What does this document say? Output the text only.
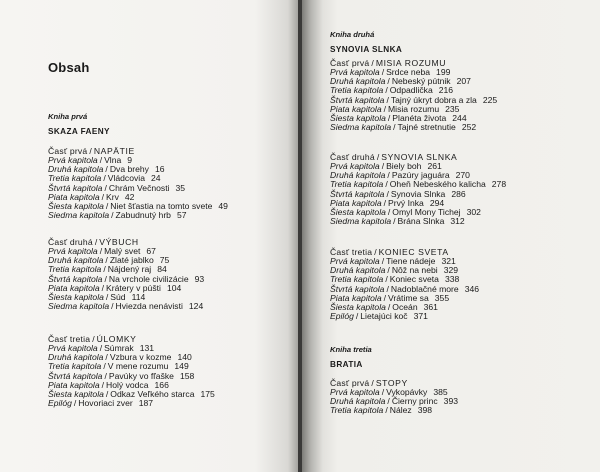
Obsah
Kniha prvá
SKAZA FAENY
Časť prvá / NAPÄTIE
Prvá kapitola / Vlna 9
Druhá kapitola / Dva brehy 16
Tretia kapitola / Vládcovia 24
Štvrtá kapitola / Chrám Večnosti 35
Piata kapitola / Krv 42
Šiesta kapitola / Niet šťastia na tomto svete 49
Siedma kapitola / Zabudnutý hrb 57
Časť druhá / VÝBUCH
Prvá kapitola / Malý svet 67
Druhá kapitola / Zlaté jablko 75
Tretia kapitola / Nájdený raj 84
Štvrtá kapitola / Na vrchole civilizácie 93
Piata kapitola / Krátery v púšti 104
Šiesta kapitola / Súd 114
Siedma kapitola / Hviezda nenávisti 124
Časť tretia / ÚLOMKY
Prvá kapitola / Súmrak 131
Druhá kapitola / Vzbura v kozme 140
Tretia kapitola / V mene rozumu 149
Štvrtá kapitola / Pavúky vo fľaške 158
Piata kapitola / Holý vodca 166
Šiesta kapitola / Odkaz Veľkého starca 175
Epilóg / Hovoriaci zver 187
Kniha druhá
SYNOVIA SLNKA
Časť prvá / MISIA ROZUMU
Prvá kapitola / Srdce neba 199
Druhá kapitola / Nebeský pútnik 207
Tretia kapitola / Odpadlička 216
Štvrtá kapitola / Tajný úkryt dobra a zla 225
Piata kapitola / Misia rozumu 235
Šiesta kapitola / Planéta života 244
Siedma kapitola / Tajné stretnutie 252
Časť druhá / SYNOVIA SLNKA
Prvá kapitola / Biely boh 261
Druhá kapitola / Pazúry jaguára 270
Tretia kapitola / Oheň Nebeského kalicha 278
Štvrtá kapitola / Synovia Slnka 286
Piata kapitola / Prvý Inka 294
Šiesta kapitola / Omyl Mony Tichej 302
Siedma kapitola / Brána Slnka 312
Časť tretia / KONIEC SVETA
Prvá kapitola / Tiene nádeje 321
Druhá kapitola / Nôž na nebi 329
Tretia kapitola / Koniec sveta 338
Štvrtá kapitola / Nadoblačné more 346
Piata kapitola / Vrátime sa 355
Šiesta kapitola / Oceán 361
Epilóg / Lietajúci koč 371
Kniha tretia
BRATIA
Časť prvá / STOPY
Prvá kapitola / Vykopávky 385
Druhá kapitola / Čierny princ 393
Tretia kapitola / Nález 398
